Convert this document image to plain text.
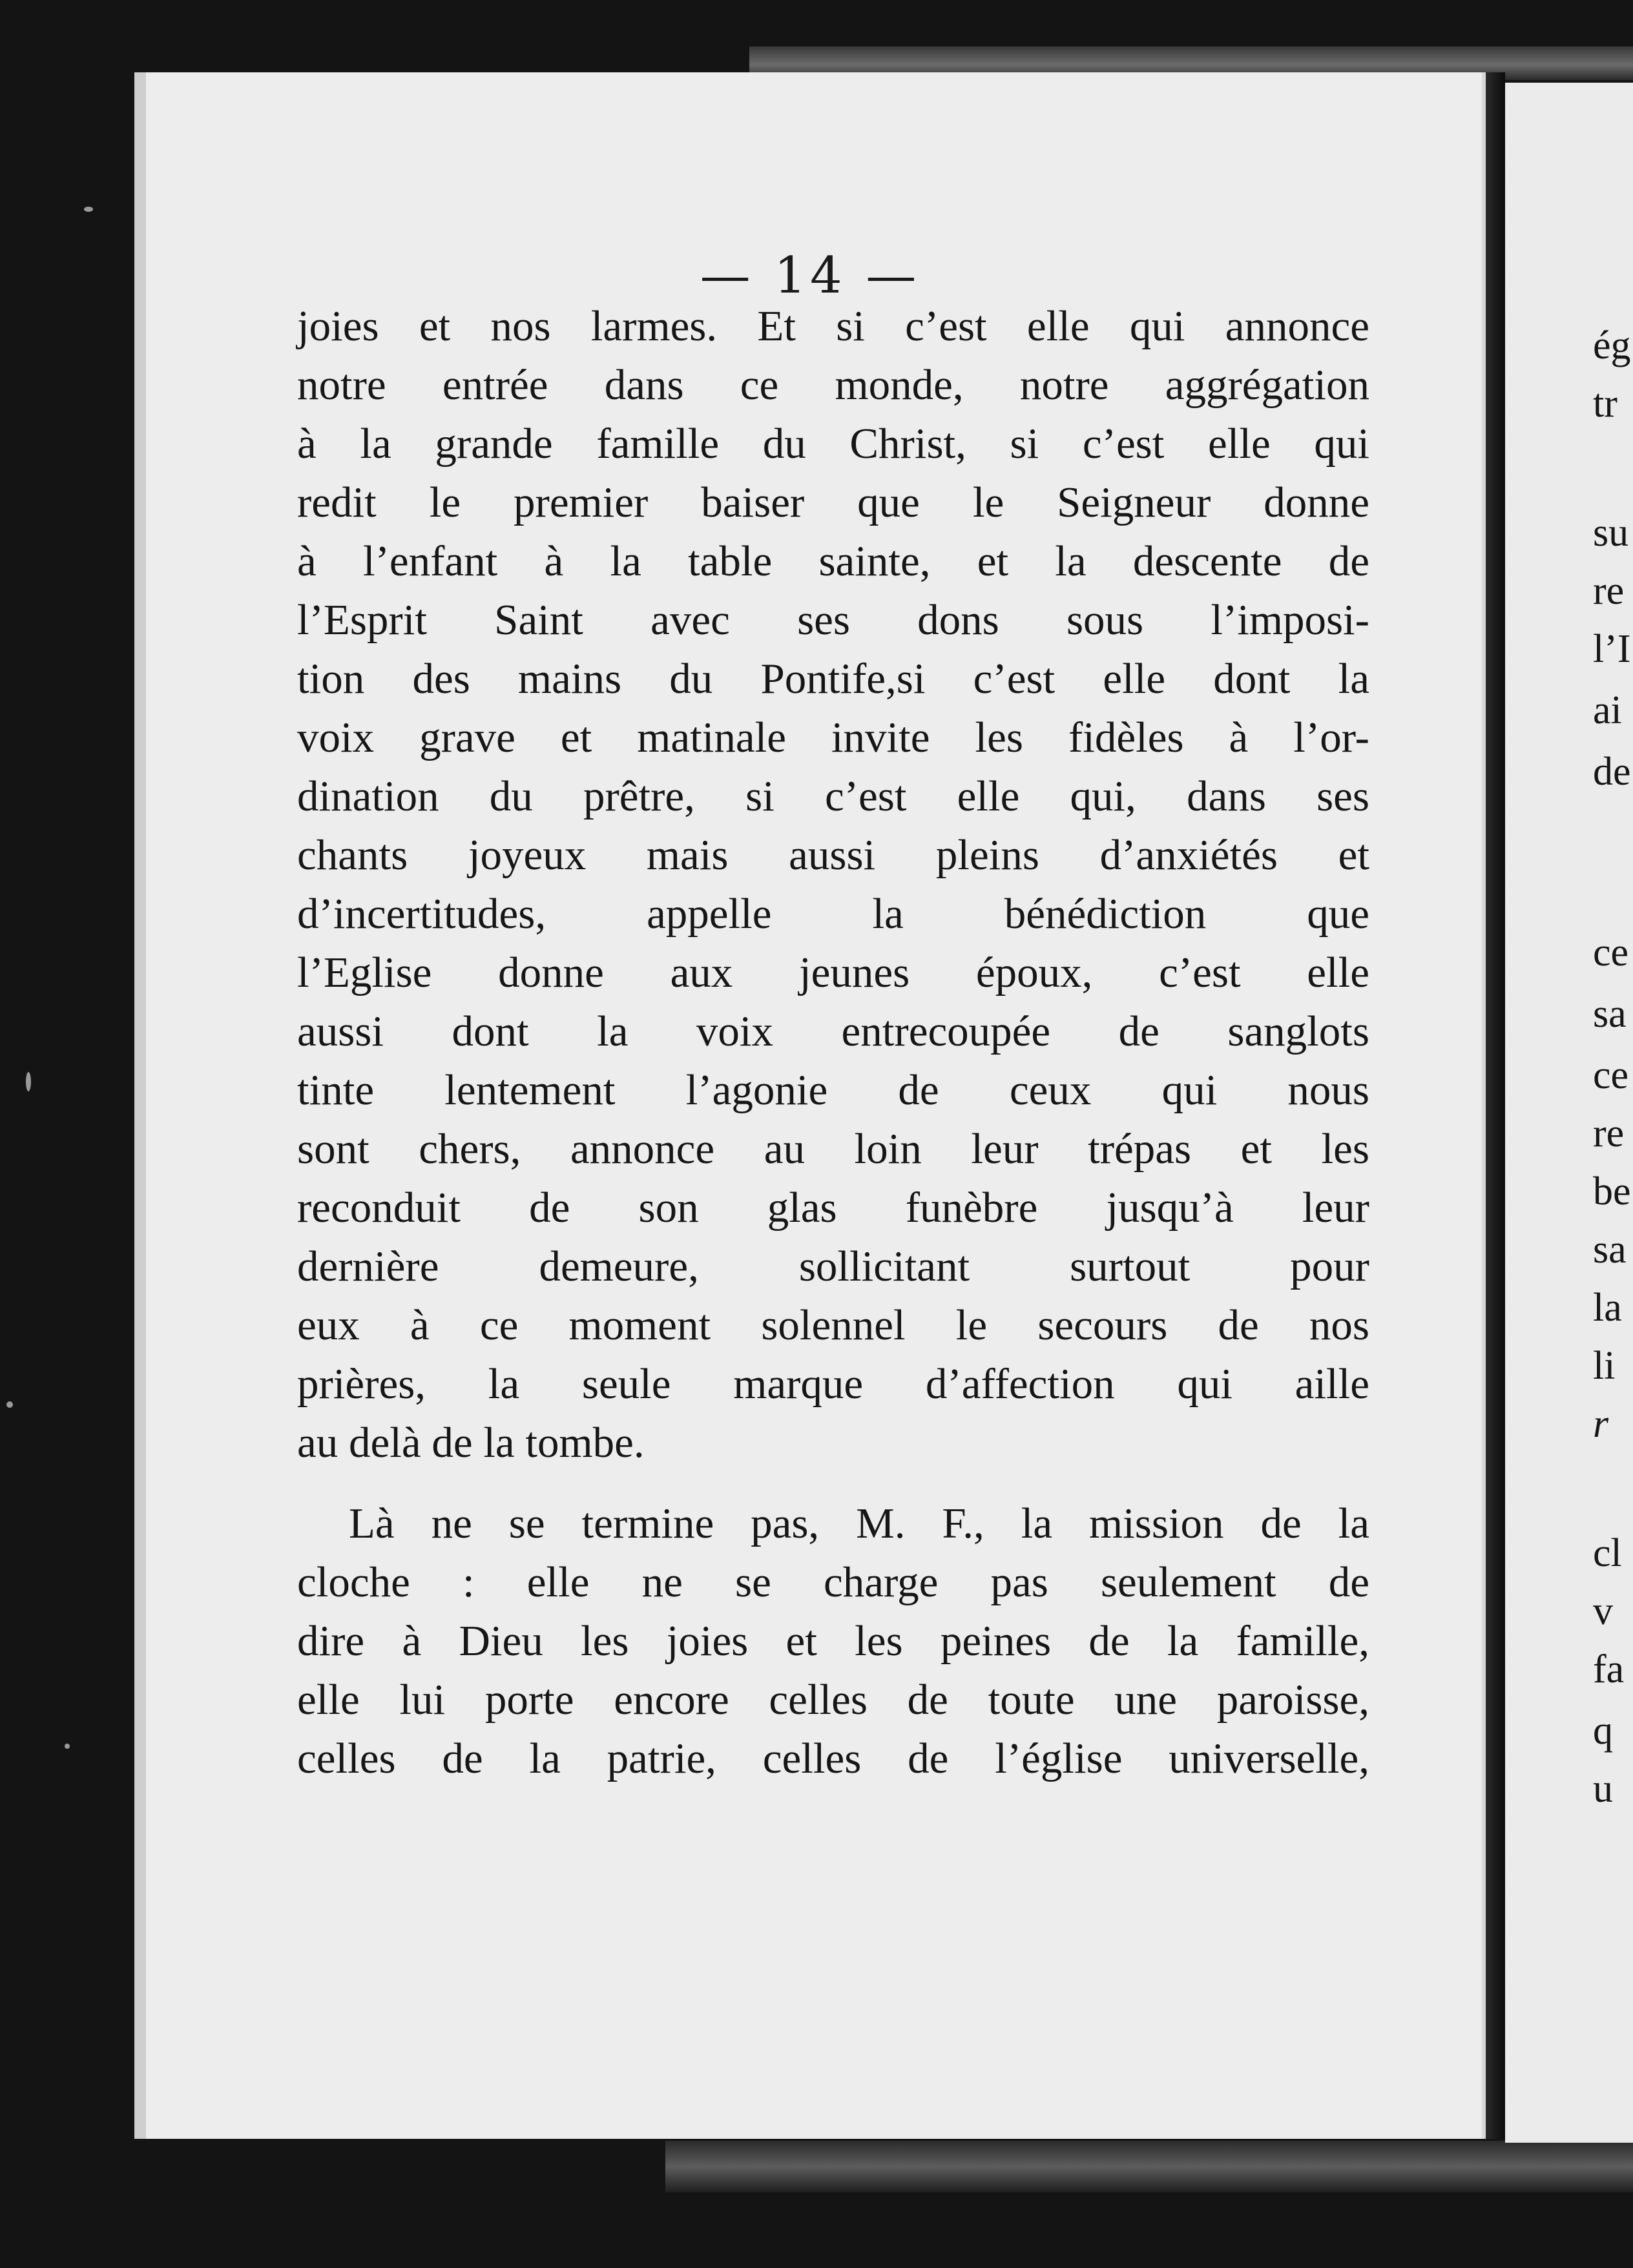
— 14 —
joies et nos larmes. Et si c’est elle qui annonce
notre entrée dans ce monde, notre aggrégation
à la grande famille du Christ, si c’est elle qui
redit le premier baiser que le Seigneur donne
à l’enfant à la table sainte, et la descente de
l’Esprit Saint avec ses dons sous l’imposi-
tion des mains du Pontife,si c’est elle dont la
voix grave et matinale invite les fidèles à l’or-
dination du prêtre, si c’est elle qui, dans ses
chants joyeux mais aussi pleins d’anxiétés et
d’incertitudes, appelle la bénédiction que
l’Eglise donne aux jeunes époux, c’est elle
aussi dont la voix entrecoupée de sanglots
tinte lentement l’agonie de ceux qui nous
sont chers, annonce au loin leur trépas et les
reconduit de son glas funèbre jusqu’à leur
dernière demeure, sollicitant surtout pour
eux à ce moment solennel le secours de nos
prières, la seule marque d’affection qui aille
au delà de la tombe.
Là ne se termine pas, M. F., la mission de la
cloche : elle ne se charge pas seulement de
dire à Dieu les joies et les peines de la famille,
elle lui porte encore celles de toute une paroisse,
celles de la patrie, celles de l’église universelle,
ég
tr
su
re
l’I
ai
de
ce
sa
ce
re
be
sa
la
li
r
cl
v
fa
q
u
